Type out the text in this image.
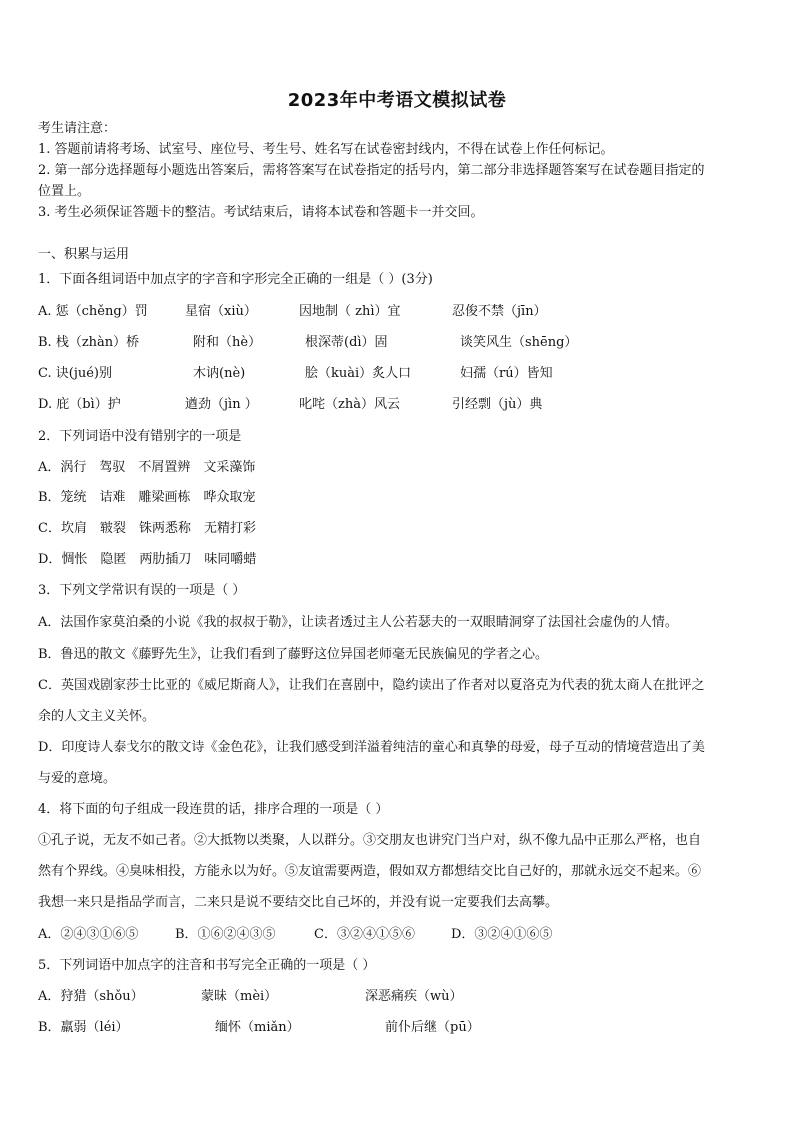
2023年中考语文模拟试卷
考生请注意：
1. 答题前请将考场、试室号、座位号、考生号、姓名写在试卷密封线内，不得在试卷上作任何标记。
2. 第一部分选择题每小题选出答案后，需将答案写在试卷指定的括号内，第二部分非选择题答案写在试卷题目指定的
位置上。
3. 考生必须保证答题卡的整洁。考试结束后，请将本试卷和答题卡一并交回。
一、积累与运用
1．下面各组词语中加点字的字音和字形完全正确的一组是（ ）(3分)
A. 惩（chěng）罚	星宿（xiù）	因地制（ zhì）宜	忍俊不禁（jīn）
B. 栈（zhàn）桥	附和（hè）	根深蒂(dì）固	谈笑风生（shēng）
C. 诀(jué)别	木讷(nè)	脍（kuài）炙人口	妇孺（rú）皆知
D. 庇（bì）护	遒劲（jìn ）	叱咤（zhà）风云	引经剽（jù）典
2．下列词语中没有错别字的一项是
A．涡行　驾驭　不屑置辨　文采藻饰
B．笼统　诘难　雕梁画栋　哗众取宠
C．坎肩　皲裂　铢两悉称　无精打彩
D．惆怅　隐匿　两肋插刀　味同嚼蜡
3．下列文学常识有误的一项是（ ）
A．法国作家莫泊桑的小说《我的叔叔于勒》，让读者透过主人公若瑟夫的一双眼睛洞穿了法国社会虚伪的人情。
B．鲁迅的散文《藤野先生》，让我们看到了藤野这位异国老师毫无民族偏见的学者之心。
C．英国戏剧家莎士比亚的《威尼斯商人》，让我们在喜剧中，隐约读出了作者对以夏洛克为代表的犹太商人在批评之
余的人文主义关怀。
D．印度诗人泰戈尔的散文诗《金色花》，让我们感受到洋溢着纯洁的童心和真挚的母爱，母子互动的情境营造出了美
与爱的意境。
4．将下面的句子组成一段连贯的话，排序合理的一项是（ ）
①孔子说，无友不如己者。②大抵物以类聚，人以群分。③交朋友也讲究门当户对，纵不像九品中正那么严格，也自
然有个界线。④臭味相投，方能永以为好。⑤友谊需要两造，假如双方都想结交比自己好的，那就永远交不起来。⑥
我想一来只是指品学而言，二来只是说不要结交比自己坏的，并没有说一定要我们去高攀。
A．②④③①⑥⑤	B．①⑥②④③⑤	C．③②④①⑤⑥	D．③②④①⑥⑤
5．下列词语中加点字的注音和书写完全正确的一项是（ ）
A．狩猎（shǒu）	蒙昧（mèi）	深恶痛疾（wù）
B．羸弱（léi）	缅怀（miǎn）	前仆后继（pū）
